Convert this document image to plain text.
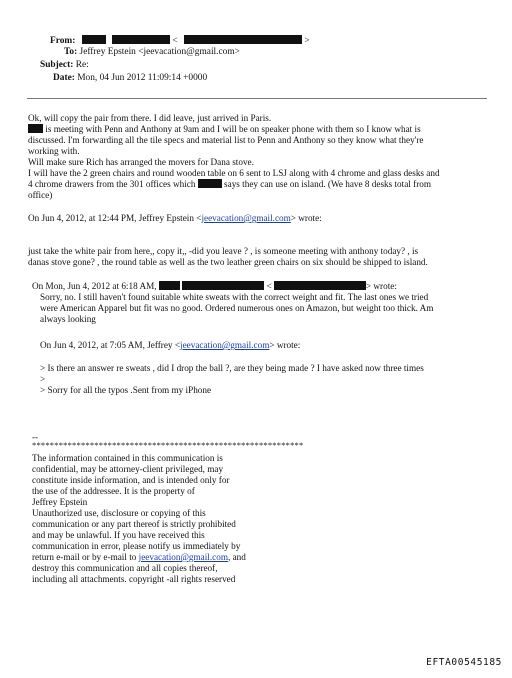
From:	<	>
To: Jeffrey Epstein <jeevacation@gmail.com>
Subject: Re:
Date: Mon, 04 Jun 2012 11:09:14 +0000
Ok, will copy the pair from there. I did leave, just arrived in Paris.
is meeting with Penn and Anthony at 9am and I will be on speaker phone with them so I know what is
discussed. I'm forwarding all the tile specs and material list to Penn and Anthony so they know what they're
working with.
Will make sure Rich has arranged the movers for Dana stove.
I will have the 2 green chairs and round wooden table on 6 sent to LSJ along with 4 chrome and glass desks and
4 chrome drawers from the 301 offices which	says they can use on island. (We have 8 desks total from
office)
On Jun 4, 2012, at 12:44 PM, Jeffrey Epstein <jeevacation@gmail.com> wrote:
just take the white pair from here,, copy it,, -did you leave ? , is someone meeting with anthony today? , is
danas stove gone? , the round table as well as the two leather green chairs on six should be shipped to island.
On Mon, Jun 4, 2012 at 6:18 AM,	<	> wrote:
Sorry, no. I still haven't found suitable white sweats with the correct weight and fit. The last ones we tried
were American Apparel but fit was no good. Ordered numerous ones on Amazon, but weight too thick. Am
always looking
On Jun 4, 2012, at 7:05 AM, Jeffrey <jeevacation@gmail.com> wrote:
> Is there an answer re sweats , did I drop the ball ?, are they being made ? I have asked now three times
>
> Sorry for all the typos .Sent from my iPhone
--
*************************************************************
The information contained in this communication is
confidential, may be attorney-client privileged, may
constitute inside information, and is intended only for
the use of the addressee. It is the property of
Jeffrey Epstein
Unauthorized use, disclosure or copying of this
communication or any part thereof is strictly prohibited
and may be unlawful. If you have received this
communication in error, please notify us immediately by
return e-mail or by e-mail to jeevacation@gmail.com, and
destroy this communication and all copies thereof,
including all attachments. copyright -all rights reserved
EFTA00545185
